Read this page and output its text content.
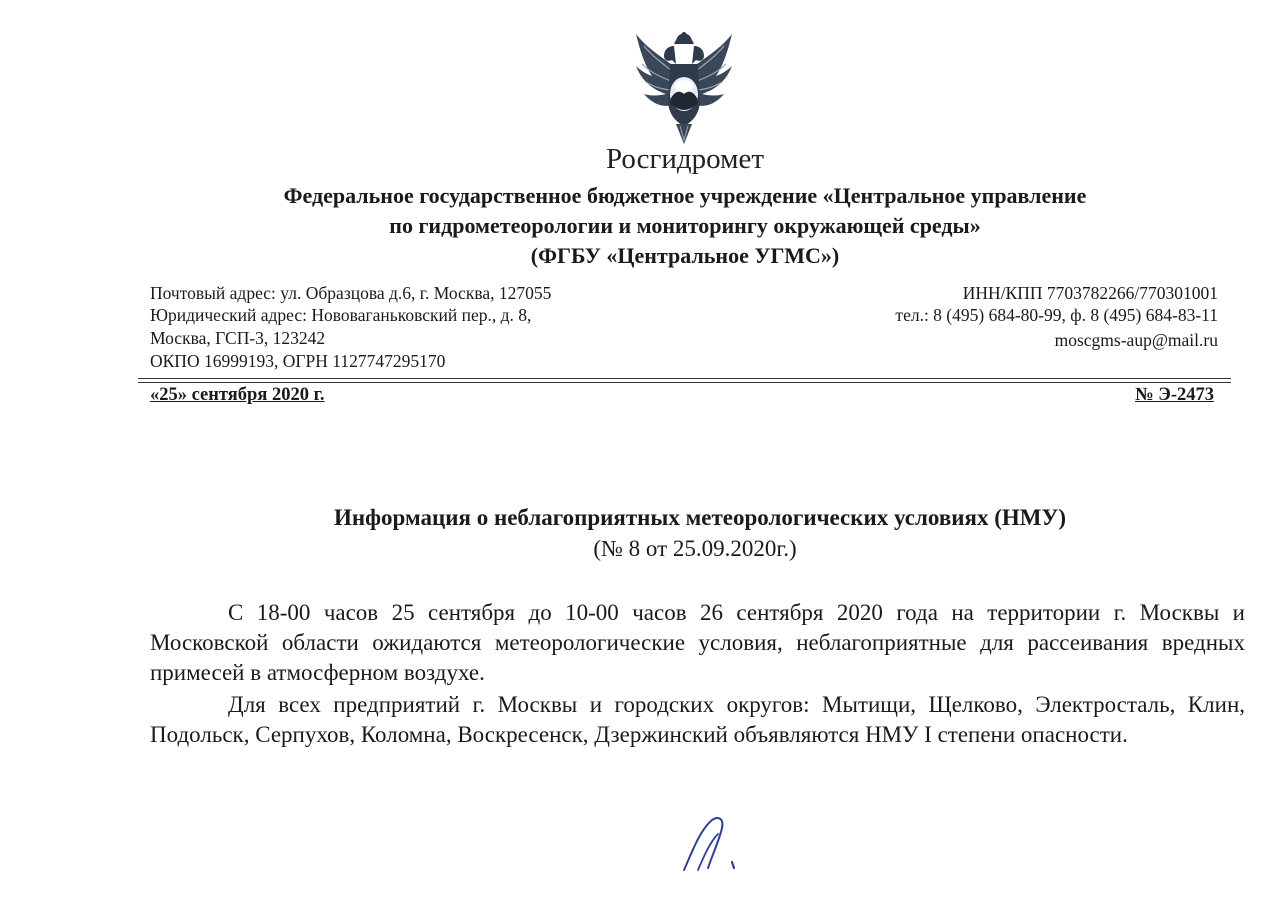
Росгидромет
Федеральное государственное бюджетное учреждение «Центральное управление
по гидрометеорологии и мониторингу окружающей среды»
(ФГБУ «Центральное УГМС»)
Почтовый адрес: ул. Образцова д.6, г. Москва, 127055
Юридический адрес: Нововаганьковский пер., д. 8,
Москва, ГСП-3, 123242
ОКПО 16999193, ОГРН 1127747295170
ИНН/КПП 7703782266/770301001
тел.: 8 (495) 684-80-99, ф. 8 (495) 684-83-11
moscgms-aup@mail.ru
«25» сентября 2020 г.	№ Э-2473
Информация о неблагоприятных метеорологических условиях (НМУ)
(№ 8 от 25.09.2020г.)
С 18-00 часов 25 сентября до 10-00 часов 26 сентября 2020 года на территории г. Москвы и Московской области ожидаются метеорологические условия, неблагоприятные для рассеивания вредных примесей в атмосферном воздухе.
Для всех предприятий г. Москвы и городских округов: Мытищи, Щелково, Электросталь, Клин, Подольск, Серпухов, Коломна, Воскресенск, Дзержинский объявляются НМУ I степени опасности.
